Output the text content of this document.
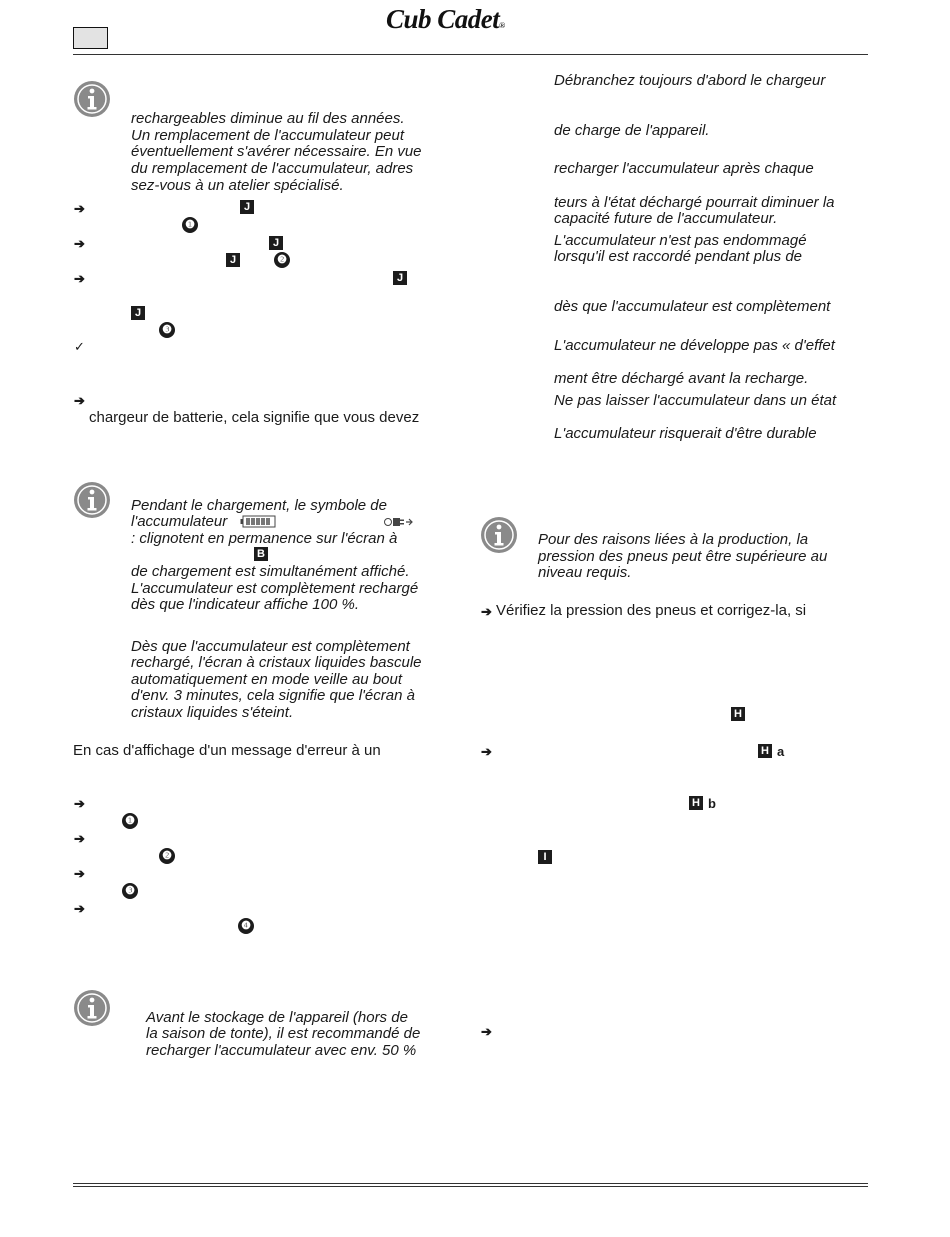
Cub Cadet®
rechargeables diminue au fil des années.
Un remplacement de l'accumulateur peut
éventuellement s'avérer nécessaire. En vue
du remplacement de l'accumulateur, adres
sez-vous à un atelier spécialisé.
➔	J
❶
➔	J
J	❷
➔	J
J
❸
✓
➔
chargeur de batterie, cela signifie que vous devez
Pendant le chargement, le symbole de
l'accumulateur
: clignotent en permanence sur l'écran à
B
de chargement est simultanément affiché.
L'accumulateur est complètement rechargé
dès que l'indicateur affiche 100 %.
Dès que l'accumulateur est complètement
rechargé, l'écran à cristaux liquides bascule
automatiquement en mode veille au bout
d'env. 3 minutes, cela signifie que l'écran à
cristaux liquides s'éteint.
En cas d'affichage d'un message d'erreur à un
➔
❶
➔
❷
➔
❸
➔
❹
Avant le stockage de l'appareil (hors de
la saison de tonte), il est recommandé de
recharger l'accumulateur avec env. 50 %
Débranchez toujours d'abord le chargeur
de charge de l'appareil.
recharger l'accumulateur après chaque
teurs à l'état déchargé pourrait diminuer la
capacité future de l'accumulateur.
L'accumulateur n'est pas endommagé
lorsqu'il est raccordé pendant plus de
dès que l'accumulateur est complètement
L'accumulateur ne développe pas « d'effet
ment être déchargé avant la recharge.
Ne pas laisser l'accumulateur dans un état
L'accumulateur risquerait d'être durable
Pour des raisons liées à la production, la
pression des pneus peut être supérieure au
niveau requis.
➔ Vérifiez la pression des pneus et corrigez-la, si
H
➔	H a
H b
I
➔
